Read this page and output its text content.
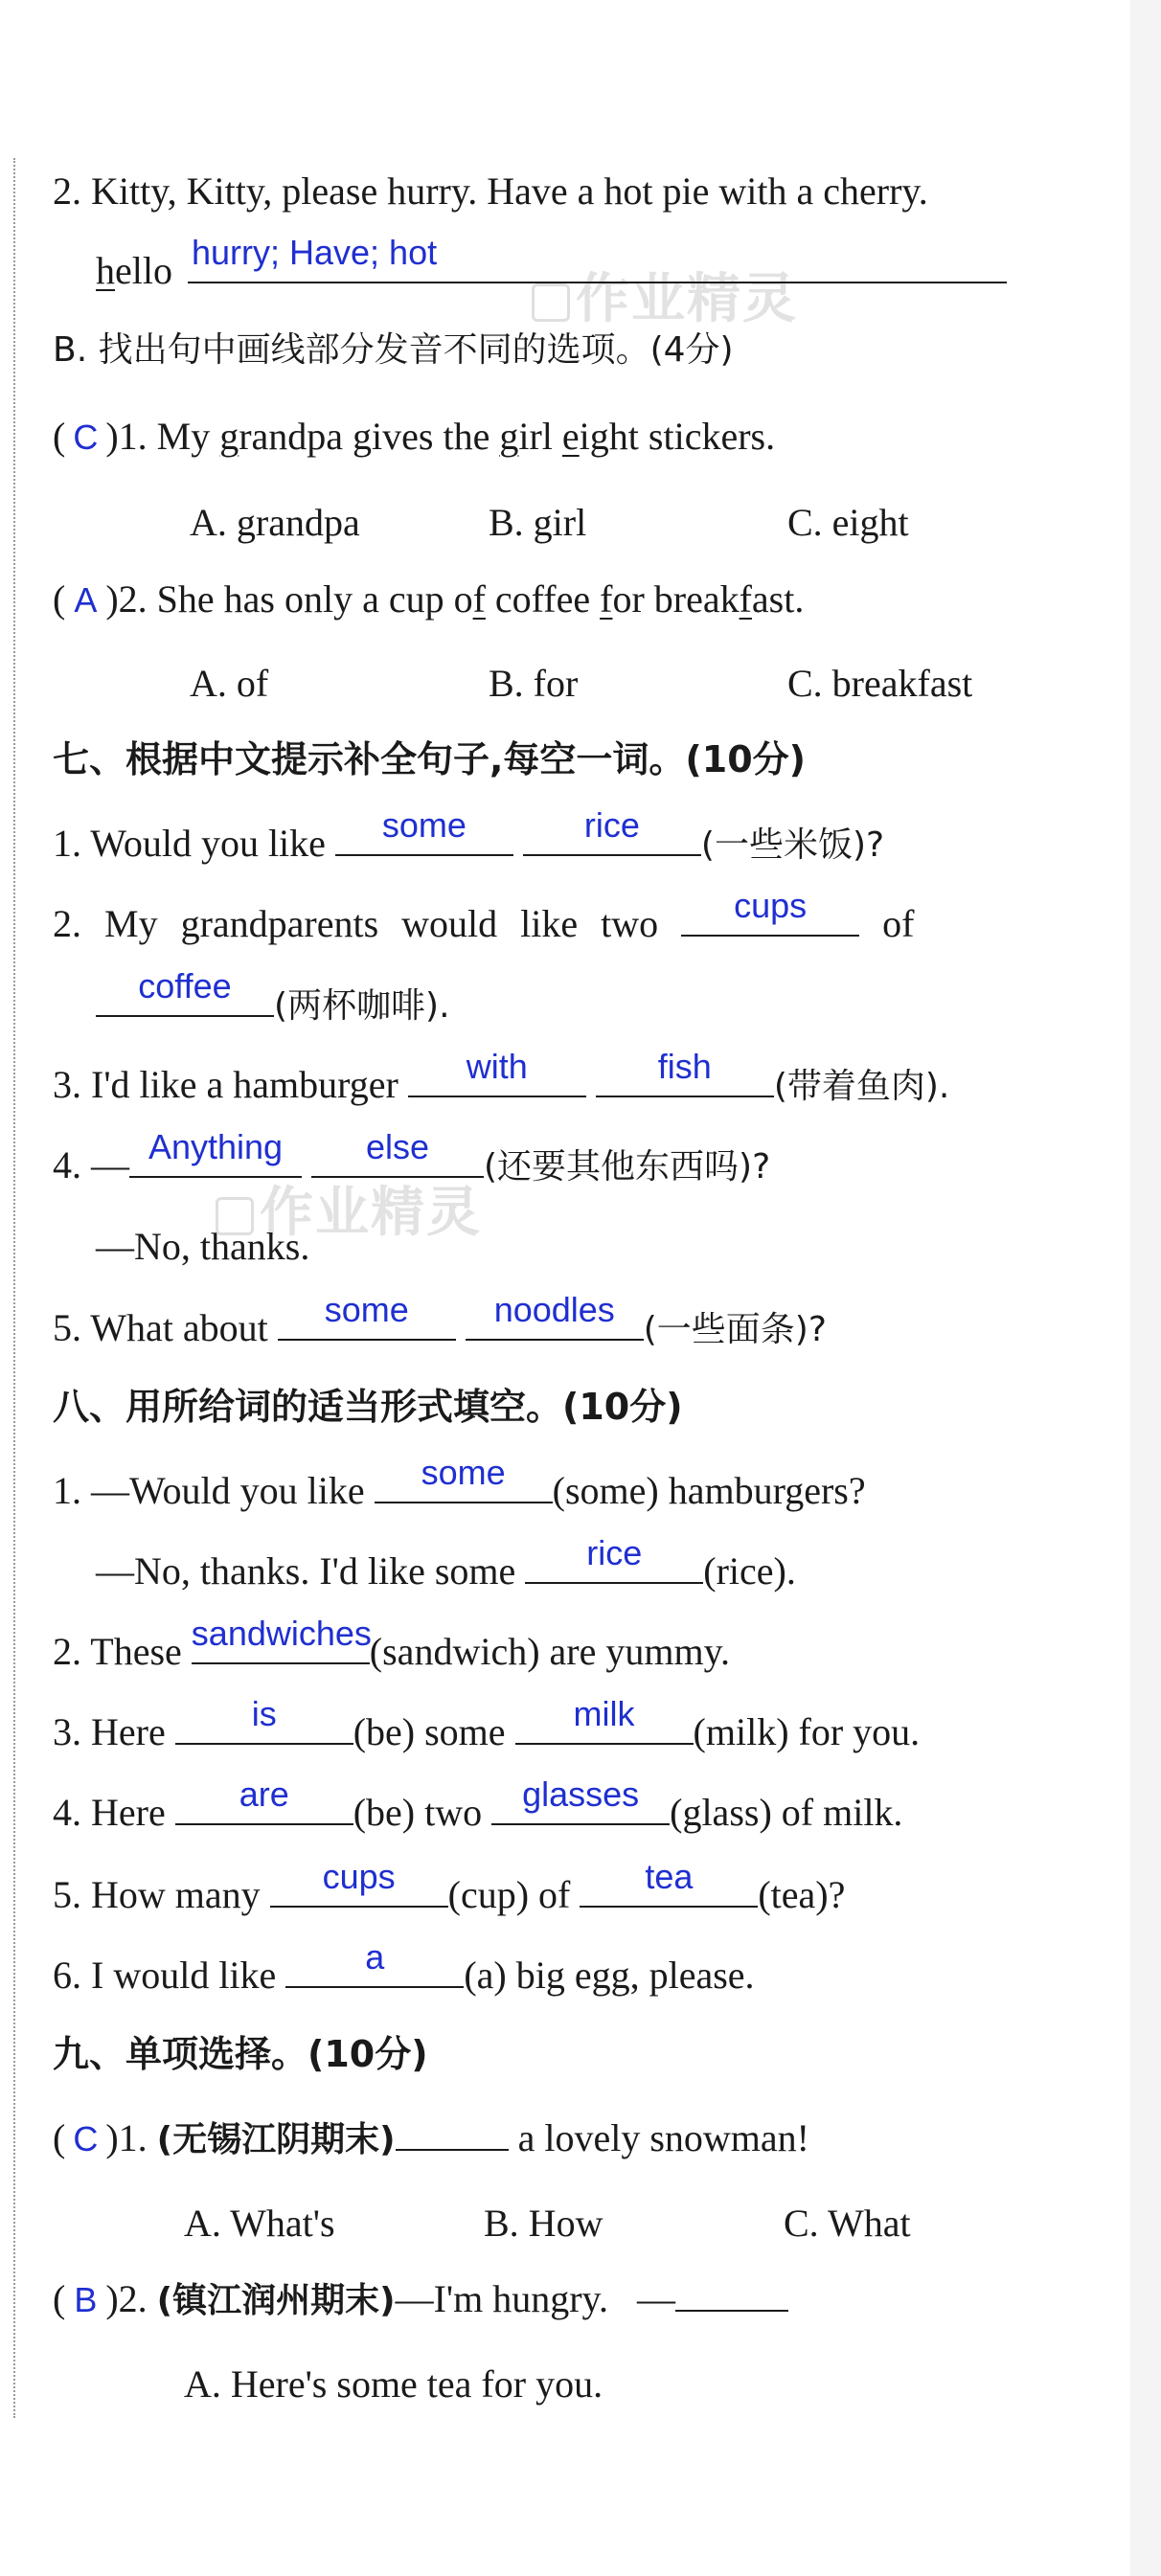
作业精灵
作业精灵
2. Kitty, Kitty, please hurry. Have a hot pie with a cherry.
hello hurry; Have; hot
B. 找出句中画线部分发音不同的选项。(4分)
( C )1. My grandpa gives the girl eight stickers.
A. grandpa	B. girl	C. eight
( A )2. She has only a cup of coffee for breakfast.
A. of	B. for	C. breakfast
七、根据中文提示补全句子,每空一词。(10分)
1. Would you like	some
	rice
(一些米饭)?
2. My grandparents would like two	cups	of
coffee
(两杯咖啡).
3. I'd like a hamburger	with
	fish
(带着鱼肉).
4. — Anything
	else
(还要其他东西吗)?
—No, thanks.
5. What about	some
	noodles
(一些面条)?
八、用所给词的适当形式填空。(10分)
1. —Would you like	some	(some) hamburgers?
—No, thanks. I'd like some	rice	(rice).
2. These sandwiches
(sandwich) are yummy.
3. Here	is	(be) some	milk	(milk) for you.
4. Here	are	(be) two glasses (glass) of milk.
5. How many	cups	(cup) of	tea	(tea)?
6. I would like	a	(a) big egg, please.
九、单项选择。(10分)
( C )1. (无锡江阴期末)	a lovely snowman!
A. What's	B. How	C. What
( B )2. (镇江润州期末)—I'm hungry.   —
A. Here's some tea for you.
